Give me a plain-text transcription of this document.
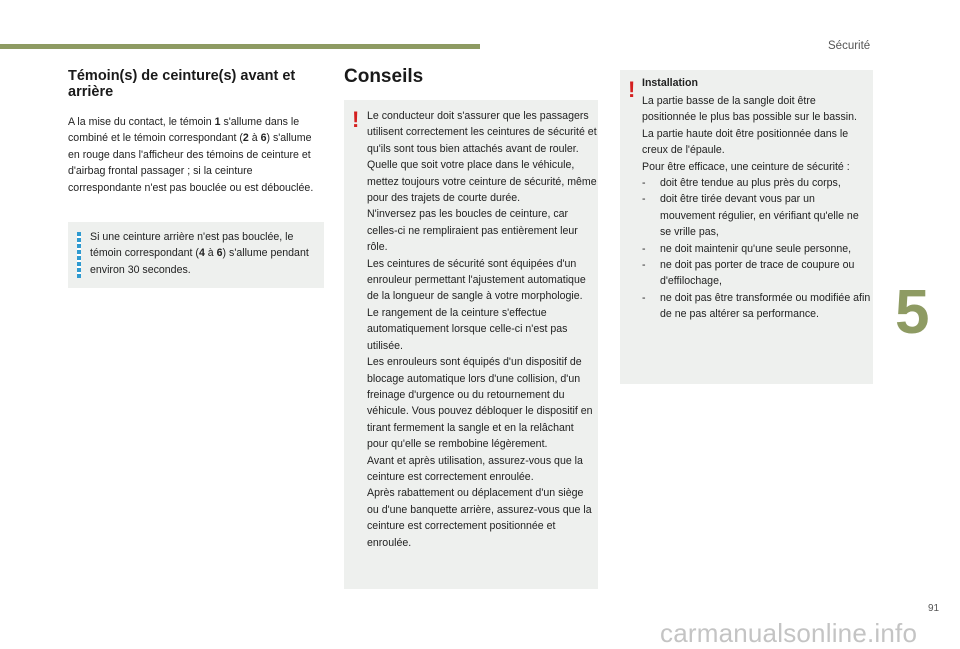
Sécurité
5
Témoin(s) de ceinture(s) avant et arrière

A la mise du contact, le témoin 1 s'allume dans le combiné et le témoin correspondant (2 à 6) s'allume en rouge dans l'afficheur des témoins de ceinture et d'airbag frontal passager ; si la ceinture correspondante n'est pas bouclée ou est débouclée.

Si une ceinture arrière n'est pas bouclée, le témoin correspondant (4 à 6) s'allume pendant environ 30 secondes.
Conseils
! Le conducteur doit s'assurer que les passagers utilisent correctement les ceintures de sécurité et qu'ils sont tous bien attachés avant de rouler.
Quelle que soit votre place dans le véhicule, mettez toujours votre ceinture de sécurité, même pour des trajets de courte durée.
N'inversez pas les boucles de ceinture, car celles-ci ne rempliraient pas entièrement leur rôle.
Les ceintures de sécurité sont équipées d'un enrouleur permettant l'ajustement automatique de la longueur de sangle à votre morphologie. Le rangement de la ceinture s'effectue automatiquement lorsque celle-ci n'est pas utilisée.
Les enrouleurs sont équipés d'un dispositif de blocage automatique lors d'une collision, d'un freinage d'urgence ou du retournement du véhicule. Vous pouvez débloquer le dispositif en tirant fermement la sangle et en la relâchant pour qu'elle se rembobine légèrement.
Avant et après utilisation, assurez-vous que la ceinture est correctement enroulée.
Après rabattement ou déplacement d'un siège ou d'une banquette arrière, assurez-vous que la ceinture est correctement positionnée et enroulée.
! Installation
La partie basse de la sangle doit être positionnée le plus bas possible sur le bassin.
La partie haute doit être positionnée dans le creux de l'épaule.
Pour être efficace, une ceinture de sécurité :
- doit être tendue au plus près du corps,
- doit être tirée devant vous par un mouvement régulier, en vérifiant qu'elle ne se vrille pas,
- ne doit maintenir qu'une seule personne,
- ne doit pas porter de trace de coupure ou d'effilochage,
- ne doit pas être transformée ou modifiée afin de ne pas altérer sa performance.
91
carmanualsonline.info
